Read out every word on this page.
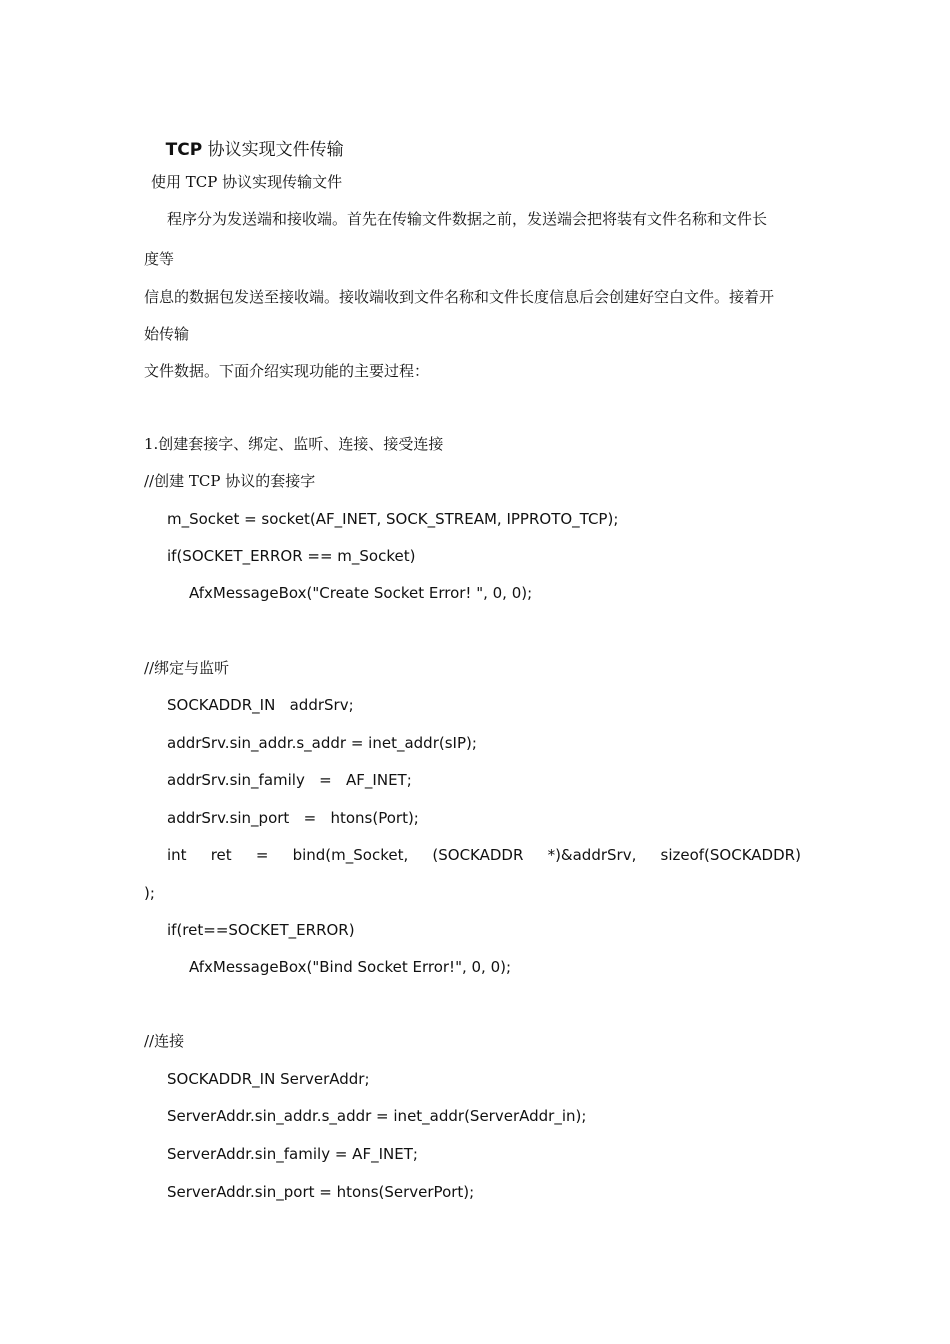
TCP 协议实现文件传输

使用 TCP 协议实现传输文件
程序分为发送端和接收端。首先在传输文件数据之前，发送端会把将装有文件名称和文件长
度等
信息的数据包发送至接收端。接收端收到文件名称和文件长度信息后会创建好空白文件。接着开
始传输
文件数据。下面介绍实现功能的主要过程：
1.创建套接字、绑定、监听、连接、接受连接
//创建 TCP 协议的套接字
m_Socket = socket(AF_INET, SOCK_STREAM, IPPROTO_TCP);
if(SOCKET_ERROR == m_Socket)
AfxMessageBox("Create Socket Error! ", 0, 0);
//绑定与监听
SOCKADDR_IN   addrSrv;
addrSrv.sin_addr.s_addr = inet_addr(sIP);
addrSrv.sin_family   =   AF_INET;
addrSrv.sin_port   =   htons(Port);
int ret = bind(m_Socket, (SOCKADDR *)&addrSrv, sizeof(SOCKADDR)
);
if(ret==SOCKET_ERROR)
AfxMessageBox("Bind Socket Error!", 0, 0);
//连接
SOCKADDR_IN ServerAddr;
ServerAddr.sin_addr.s_addr = inet_addr(ServerAddr_in);
ServerAddr.sin_family = AF_INET;
ServerAddr.sin_port = htons(ServerPort);
